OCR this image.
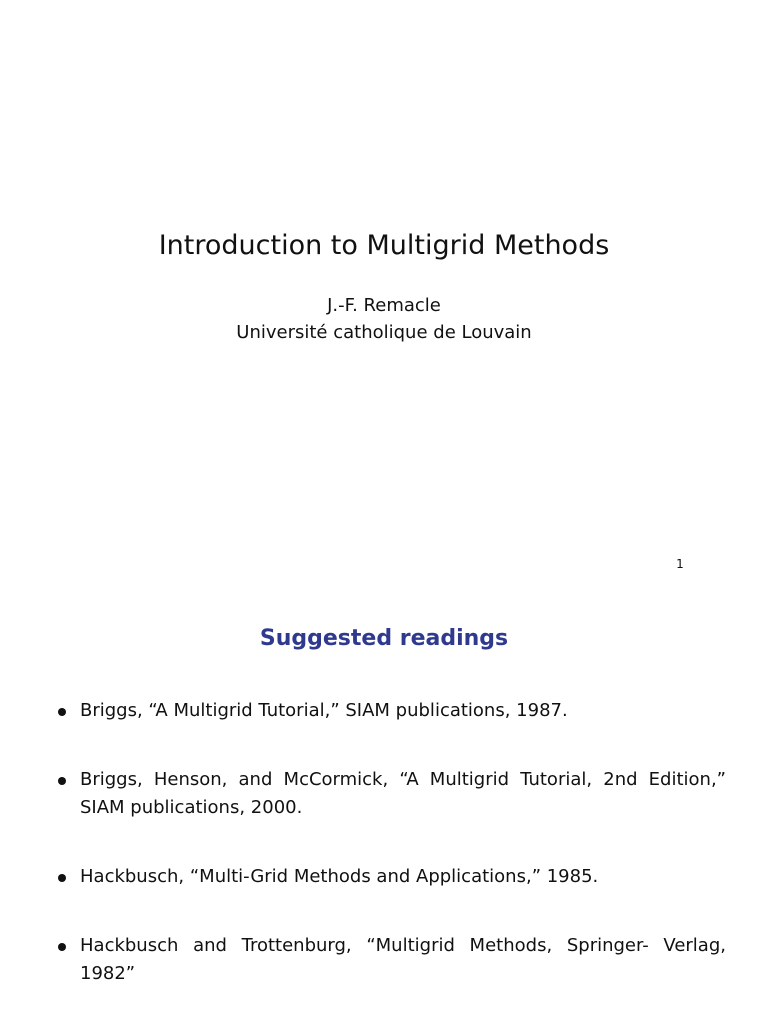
Introduction to Multigrid Methods

J.-F. Remacle

Université catholique de Louvain

1
Suggested readings
Briggs, “A Multigrid Tutorial,” SIAM publications, 1987.
Briggs, Henson, and McCormick, “A Multigrid Tutorial, 2nd Edition,” SIAM publications, 2000.
Hackbusch, “Multi-Grid Methods and Applications,” 1985.
Hackbusch and Trottenburg, “Multigrid Methods, Springer- Verlag, 1982”
